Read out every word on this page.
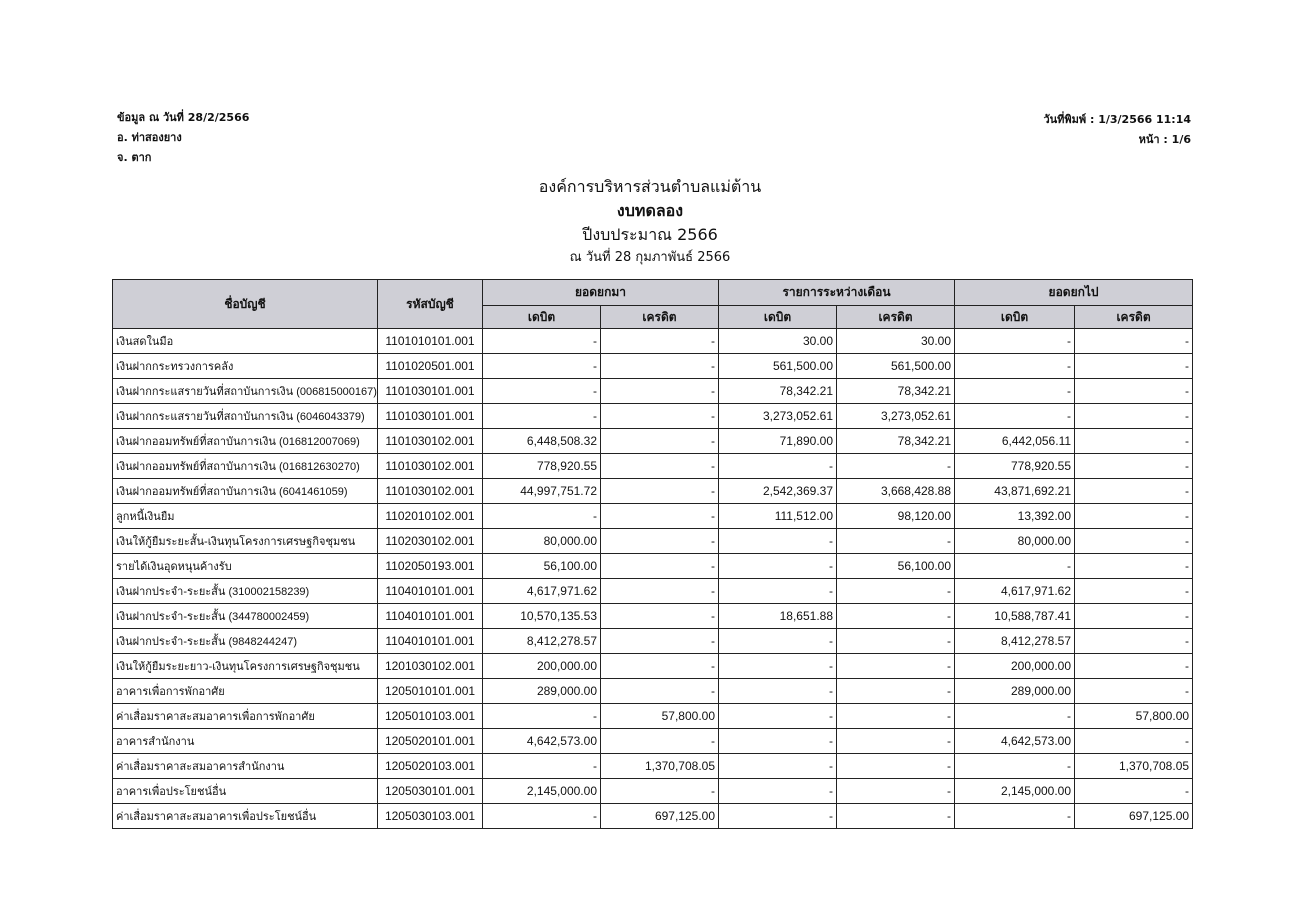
ข้อมูล ณ วันที่ 28/2/2566
อ. ท่าสองยาง
จ. ตาก
วันที่พิมพ์ : 1/3/2566 11:14
หน้า : 1/6
องค์การบริหารส่วนตำบลแม่ต้าน
งบทดลอง
ปีงบประมาณ 2566
ณ วันที่ 28 กุมภาพันธ์ 2566
ชื่อบัญชี	รหัสบัญชี	ยอดยกมา		รายการระหว่างเดือน		ยอดยกไป	
		เดบิต	เครดิต	เดบิต	เครดิต	เดบิต	เครดิต
เงินสดในมือ	1101010101.001	-	-	30.00	30.00	-	-
เงินฝากกระทรวงการคลัง	1101020501.001	-	-	561,500.00	561,500.00	-	-
เงินฝากกระแสรายวันที่สถาบันการเงิน (006815000167)	1101030101.001	-	-	78,342.21	78,342.21	-	-
เงินฝากกระแสรายวันที่สถาบันการเงิน (6046043379)	1101030101.001	-	-	3,273,052.61	3,273,052.61	-	-
เงินฝากออมทรัพย์ที่สถาบันการเงิน (016812007069)	1101030102.001	6,448,508.32	-	71,890.00	78,342.21	6,442,056.11	-
เงินฝากออมทรัพย์ที่สถาบันการเงิน (016812630270)	1101030102.001	778,920.55	-	-	-	778,920.55	-
เงินฝากออมทรัพย์ที่สถาบันการเงิน (6041461059)	1101030102.001	44,997,751.72	-	2,542,369.37	3,668,428.88	43,871,692.21	-
ลูกหนี้เงินยืม	1102010102.001	-	-	111,512.00	98,120.00	13,392.00	-
เงินให้กู้ยืมระยะสั้น-เงินทุนโครงการเศรษฐกิจชุมชน	1102030102.001	80,000.00	-	-	-	80,000.00	-
รายได้เงินอุดหนุนค้างรับ	1102050193.001	56,100.00	-	-	56,100.00	-	-
เงินฝากประจำ-ระยะสั้น (310002158239)	1104010101.001	4,617,971.62	-	-	-	4,617,971.62	-
เงินฝากประจำ-ระยะสั้น (344780002459)	1104010101.001	10,570,135.53	-	18,651.88	-	10,588,787.41	-
เงินฝากประจำ-ระยะสั้น (9848244247)	1104010101.001	8,412,278.57	-	-	-	8,412,278.57	-
เงินให้กู้ยืมระยะยาว-เงินทุนโครงการเศรษฐกิจชุมชน	1201030102.001	200,000.00	-	-	-	200,000.00	-
อาคารเพื่อการพักอาศัย	1205010101.001	289,000.00	-	-	-	289,000.00	-
ค่าเสื่อมราคาสะสมอาคารเพื่อการพักอาศัย	1205010103.001	-	57,800.00	-	-	-	57,800.00
อาคารสำนักงาน	1205020101.001	4,642,573.00	-	-	-	4,642,573.00	-
ค่าเสื่อมราคาสะสมอาคารสำนักงาน	1205020103.001	-	1,370,708.05	-	-	-	1,370,708.05
อาคารเพื่อประโยชน์อื่น	1205030101.001	2,145,000.00	-	-	-	2,145,000.00	-
ค่าเสื่อมราคาสะสมอาคารเพื่อประโยชน์อื่น	1205030103.001	-	697,125.00	-	-	-	697,125.00
